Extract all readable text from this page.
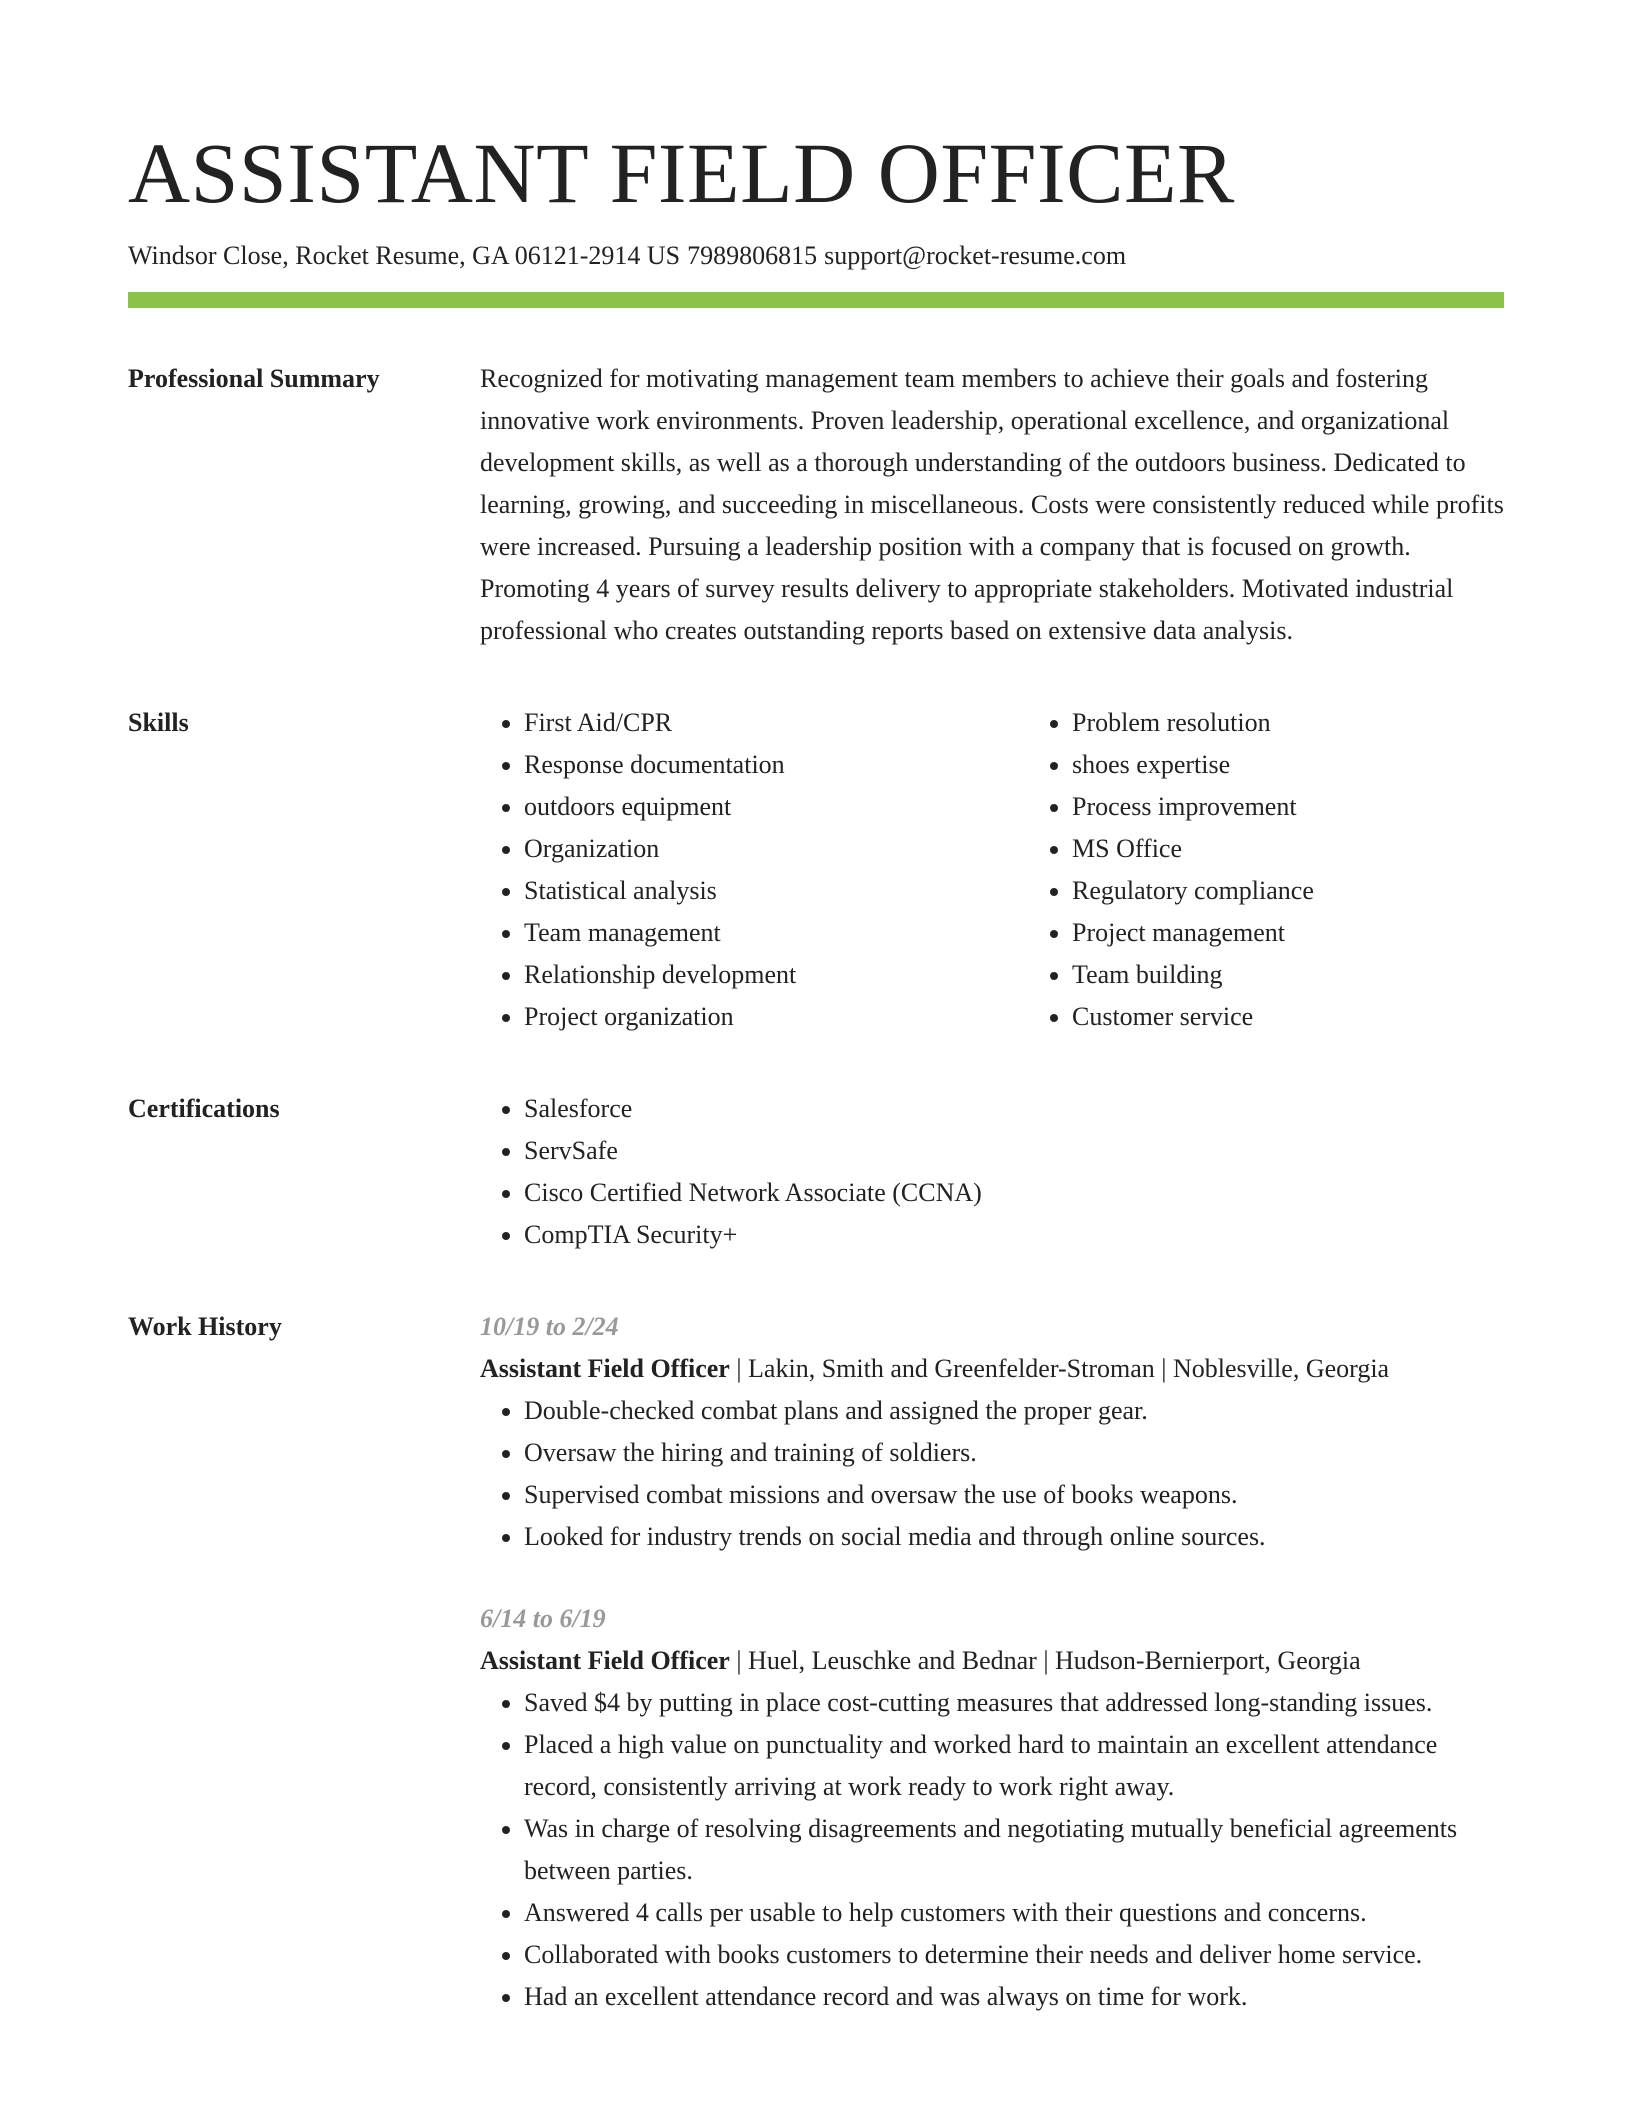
ASSISTANT FIELD OFFICER
Windsor Close, Rocket Resume, GA 06121-2914 US 7989806815 support@rocket-resume.com
Professional Summary	Recognized for motivating management team members to achieve their goals and fostering innovative work environments. Proven leadership, operational excellence, and organizational development skills, as well as a thorough understanding of the outdoors business. Dedicated to learning, growing, and succeeding in miscellaneous. Costs were consistently reduced while profits were increased. Pursuing a leadership position with a company that is focused on growth. Promoting 4 years of survey results delivery to appropriate stakeholders. Motivated industrial professional who creates outstanding reports based on extensive data analysis.

Skills	• First Aid/CPR
• Response documentation
• outdoors equipment
• Organization
• Statistical analysis
• Team management
• Relationship development
• Project organization
• Problem resolution
• shoes expertise
• Process improvement
• MS Office
• Regulatory compliance
• Project management
• Team building
• Customer service
Certifications	• Salesforce
• ServSafe
• Cisco Certified Network Associate (CCNA)
• CompTIA Security+
Work History	10/19 to 2/24
Assistant Field Officer | Lakin, Smith and Greenfelder-Stroman | Noblesville, Georgia
• Double-checked combat plans and assigned the proper gear.
• Oversaw the hiring and training of soldiers.
• Supervised combat missions and oversaw the use of books weapons.
• Looked for industry trends on social media and through online sources.
6/14 to 6/19
Assistant Field Officer | Huel, Leuschke and Bednar | Hudson-Bernierport, Georgia
• Saved $4 by putting in place cost-cutting measures that addressed long-standing issues.
• Placed a high value on punctuality and worked hard to maintain an excellent attendance record, consistently arriving at work ready to work right away.
• Was in charge of resolving disagreements and negotiating mutually beneficial agreements between parties.
• Answered 4 calls per usable to help customers with their questions and concerns.
• Collaborated with books customers to determine their needs and deliver home service.
• Had an excellent attendance record and was always on time for work.
